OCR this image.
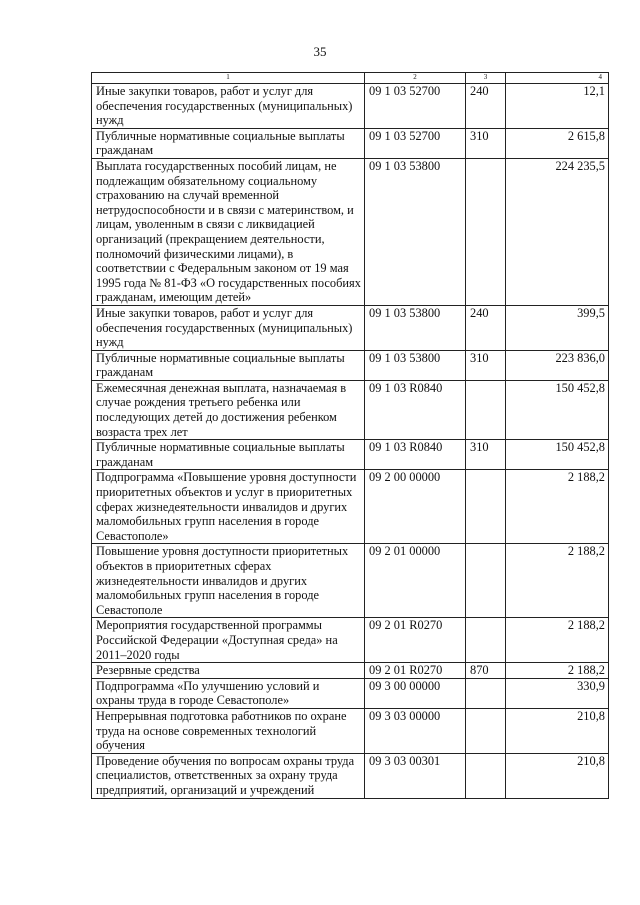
35
1	2	3	4
Иные закупки товаров, работ и услуг для обеспечения государственных (муниципальных) нужд	09 1 03 52700	240	12,1
Публичные нормативные социальные выплаты гражданам	09 1 03 52700	310	2 615,8
Выплата государственных пособий лицам, не подлежащим обязательному социальному страхованию на случай временной нетрудоспособности и в связи с материнством, и лицам, уволенным в связи с ликвидацией организаций (прекращением деятельности, полномочий физическими лицами), в соответствии с Федеральным законом от 19 мая 1995 года № 81-ФЗ «О государственных пособиях гражданам, имеющим детей»	09 1 03 53800		224 235,5
Иные закупки товаров, работ и услуг для обеспечения государственных (муниципальных) нужд	09 1 03 53800	240	399,5
Публичные нормативные социальные выплаты гражданам	09 1 03 53800	310	223 836,0
Ежемесячная денежная выплата, назначаемая в случае рождения третьего ребенка или последующих детей до достижения ребенком возраста трех лет	09 1 03 R0840		150 452,8
Публичные нормативные социальные выплаты гражданам	09 1 03 R0840	310	150 452,8
Подпрограмма «Повышение уровня доступности приоритетных объектов и услуг в приоритетных сферах жизнедеятельности инвалидов и других маломобильных групп населения в городе Севастополе»	09 2 00 00000		2 188,2
Повышение уровня доступности приоритетных объектов в приоритетных сферах жизнедеятельности инвалидов и других маломобильных групп населения в городе Севастополе	09 2 01 00000		2 188,2
Мероприятия государственной программы Российской Федерации «Доступная среда» на 2011–2020 годы	09 2 01 R0270		2 188,2
Резервные средства	09 2 01 R0270	870	2 188,2
Подпрограмма «По улучшению условий и охраны труда в городе Севастополе»	09 3 00 00000		330,9
Непрерывная подготовка работников по охране труда на основе современных технологий обучения	09 3 03 00000		210,8
Проведение обучения по вопросам охраны труда специалистов, ответственных за охрану труда предприятий, организаций и учреждений	09 3 03 00301		210,8
